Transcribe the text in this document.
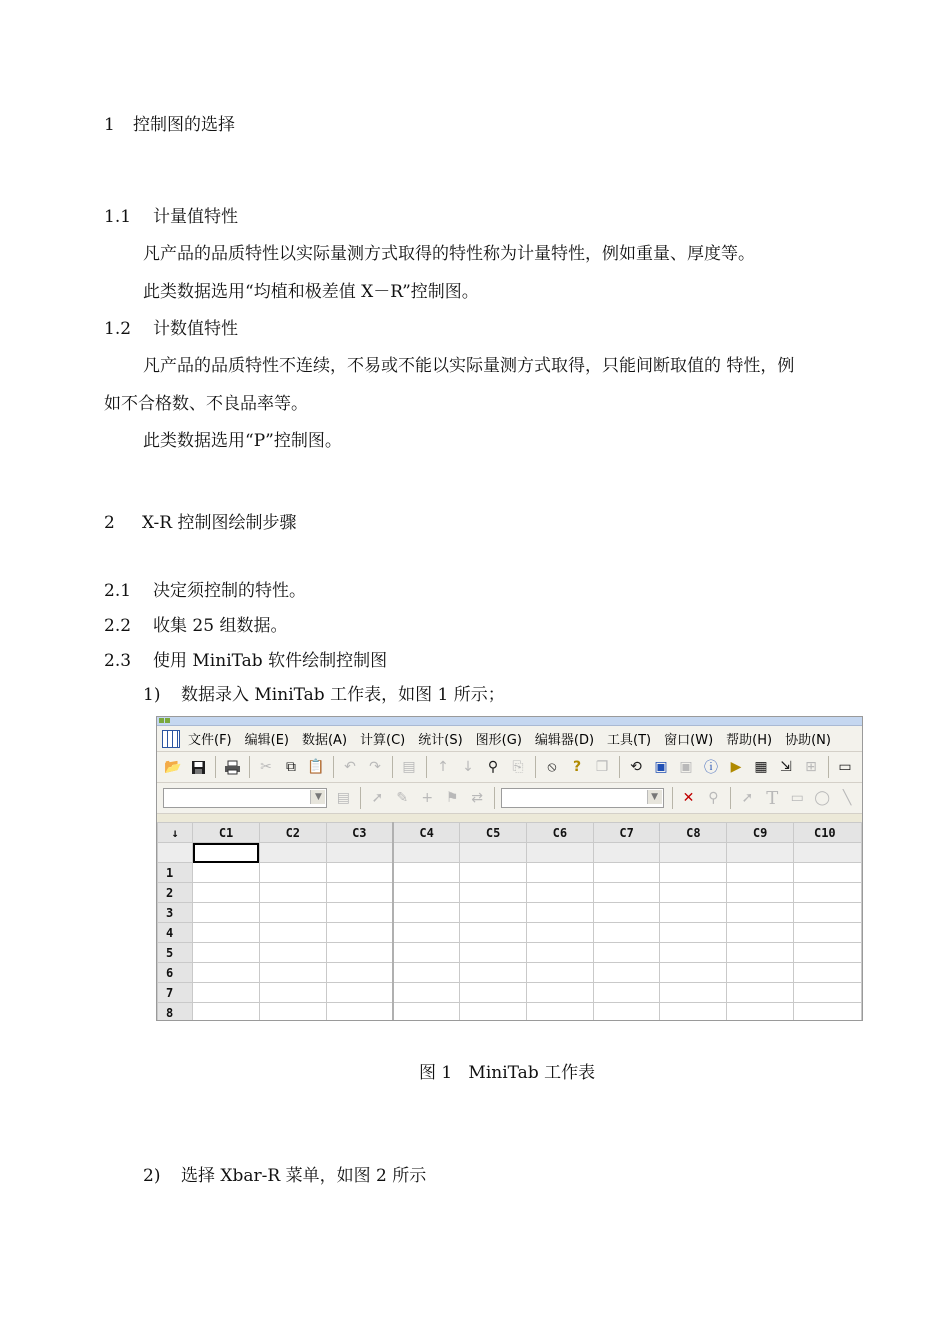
1 控制图的选择
1.1 计量值特性
凡产品的品质特性以实际量测方式取得的特性称为计量特性，例如重量、厚度等。
此类数据选用“均植和极差值 X－R”控制图。
1.2 计数值特性
凡产品的品质特性不连续，不易或不能以实际量测方式取得，只能间断取值的 特性，例
如不合格数、不良品率等。
此类数据选用“P”控制图。
2 X-R 控制图绘制步骤
2.1 决定须控制的特性。
2.2 收集 25 组数据。
2.3 使用 MiniTab 软件绘制控制图
1) 数据录入 MiniTab 工作表，如图 1 所示；
文件(F) 编辑(E) 数据(A) 计算(C) 统计(S) 图形(G) 编辑器(D) 工具(T) 窗口(W) 帮助(H) 协助(N)
📂	✂	⧉ 📋 ↶ ↷ ▤ ↑ ↓	⚲	⎘	⦸	?	❐ ⟲ ▣ ▣ ⓘ ▶ ▦ ⇲ ⊞ ▭
▼ ▤ ➚ ✎ + ⚑ ⇄	▼ ✕ ⚲	➚ T ▭ ◯ ╲
↓	C1	C2	C3	C4	C5	C6	C7	C8	C9	C10

1										
2										
3										
4										
5										
6										
7										
8										
图 1   MiniTab 工作表
2) 选择 Xbar-R 菜单，如图 2 所示
